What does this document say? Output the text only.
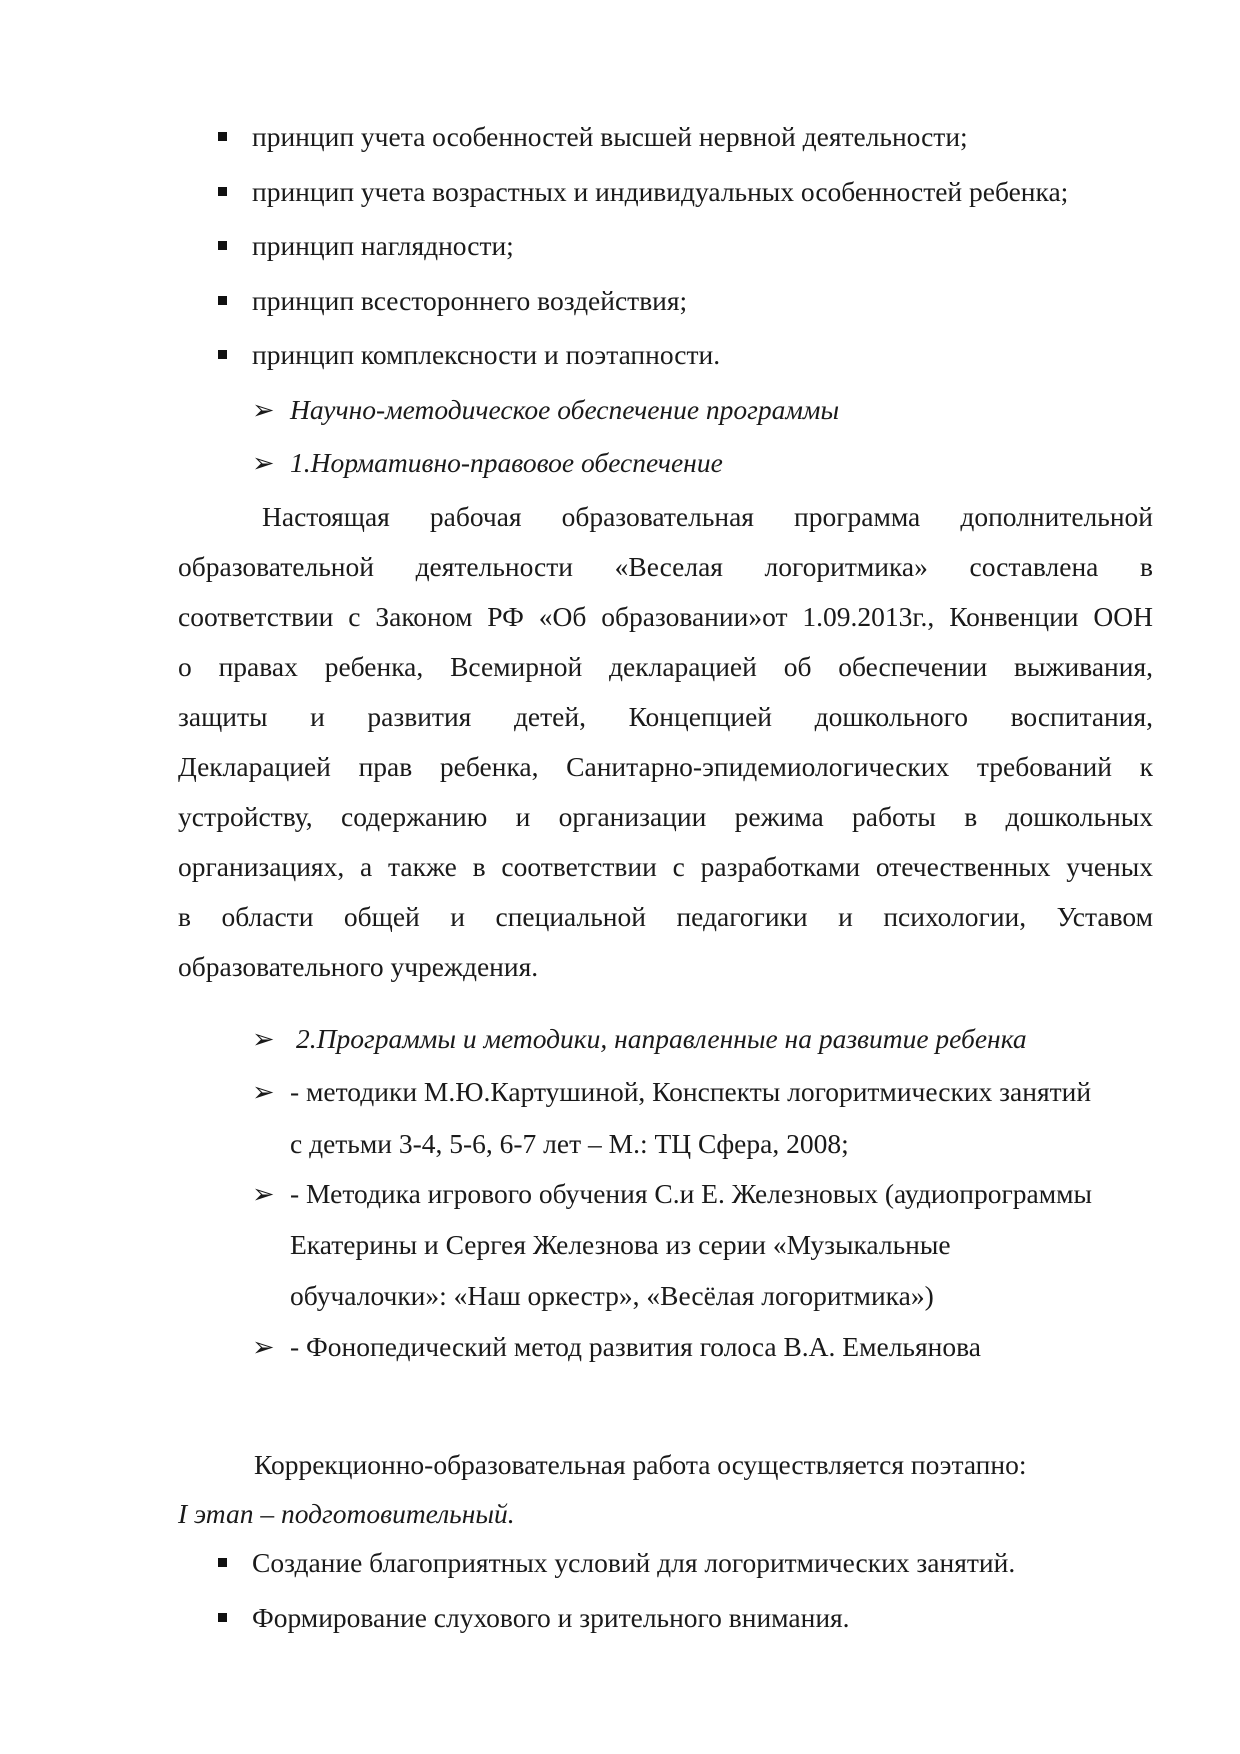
принцип учета особенностей высшей нервной деятельности;
принцип учета возрастных и индивидуальных особенностей ребенка;
принцип наглядности;
принцип всестороннего воздействия;
принцип комплексности и поэтапности.
➢ Научно-методическое обеспечение программы
➢ 1.Нормативно-правовое обеспечение
Настоящая рабочая образовательная программа дополнительной
образовательной деятельности «Веселая логоритмика» составлена в
соответствии с Законом РФ «Об образовании»от 1.09.2013г., Конвенции ООН
о правах ребенка, Всемирной декларацией об обеспечении выживания,
защиты и развития детей, Концепцией дошкольного воспитания,
Декларацией прав ребенка, Санитарно-эпидемиологических требований к
устройству, содержанию и организации режима работы в дошкольных
организациях, а также в соответствии с разработками отечественных ученых
в области общей и специальной педагогики и психологии, Уставом
образовательного учреждения.
➢ 2.Программы и методики, направленные на развитие ребенка
➢ - методики М.Ю.Картушиной, Конспекты логоритмических занятий
с детьми 3-4, 5-6, 6-7 лет – М.: ТЦ Сфера, 2008;
➢ - Методика игрового обучения С.и Е. Железновых (аудиопрограммы
Екатерины и Сергея Железнова из серии «Музыкальные
обучалочки»: «Наш оркестр», «Весёлая логоритмика»)
➢ - Фонопедический метод развития голоса В.А. Емельянова
Коррекционно-образовательная работа осуществляется поэтапно:
I этап – подготовительный.
Создание благоприятных условий для логоритмических занятий.
Формирование слухового и зрительного внимания.
